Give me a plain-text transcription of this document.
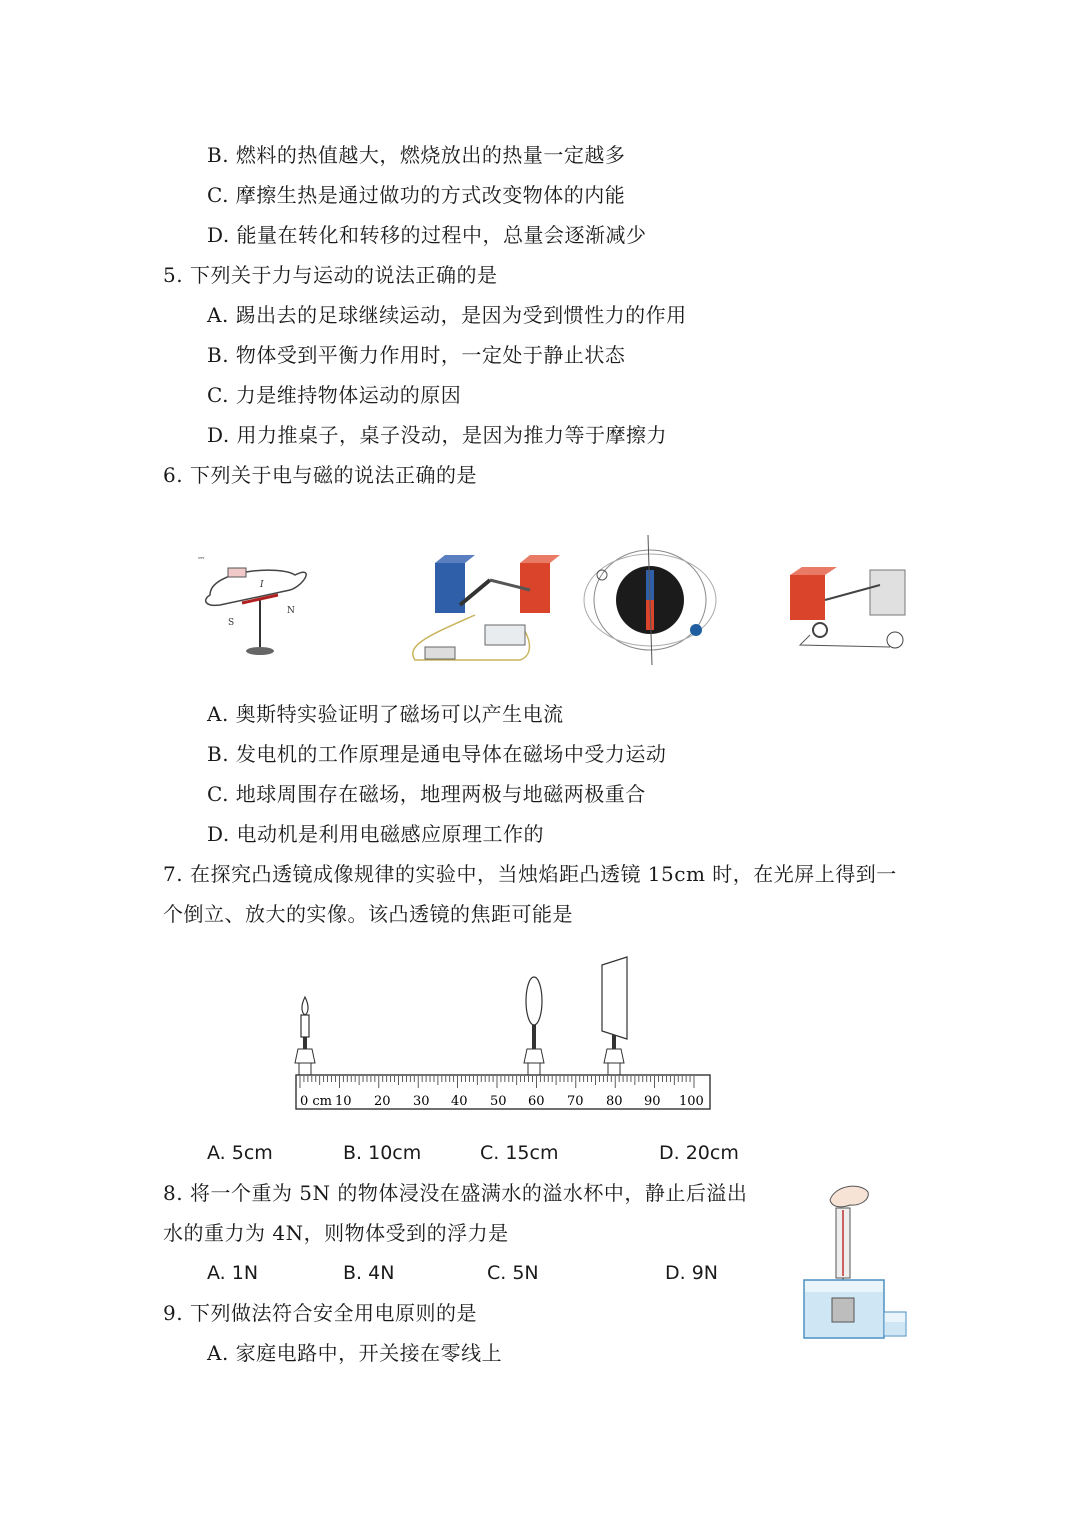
B. 燃料的热值越大，燃烧放出的热量一定越多
C. 摩擦生热是通过做功的方式改变物体的内能
D. 能量在转化和转移的过程中，总量会逐渐减少
5. 下列关于力与运动的说法正确的是
A. 踢出去的足球继续运动，是因为受到惯性力的作用
B. 物体受到平衡力作用时，一定处于静止状态
C. 力是维持物体运动的原因
D. 用力推桌子，桌子没动，是因为推力等于摩擦力
6. 下列关于电与磁的说法正确的是
⎓
S
N
I
A. 奥斯特实验证明了磁场可以产生电流
B. 发电机的工作原理是通电导体在磁场中受力运动
C. 地球周围存在磁场，地理两极与地磁两极重合
D. 电动机是利用电磁感应原理工作的
7. 在探究凸透镜成像规律的实验中，当烛焰距凸透镜 15cm 时，在光屏上得到一
个倒立、放大的实像。该凸透镜的焦距可能是
0 cm 10 20 30 40 50 60 70 80 90 100
A. 5cm	B. 10cm	C. 15cm	D. 20cm
8. 将一个重为 5N 的物体浸没在盛满水的溢水杯中，静止后溢出
水的重力为 4N，则物体受到的浮力是
A. 1N	B. 4N	C. 5N	D. 9N
9. 下列做法符合安全用电原则的是
A. 家庭电路中，开关接在零线上
